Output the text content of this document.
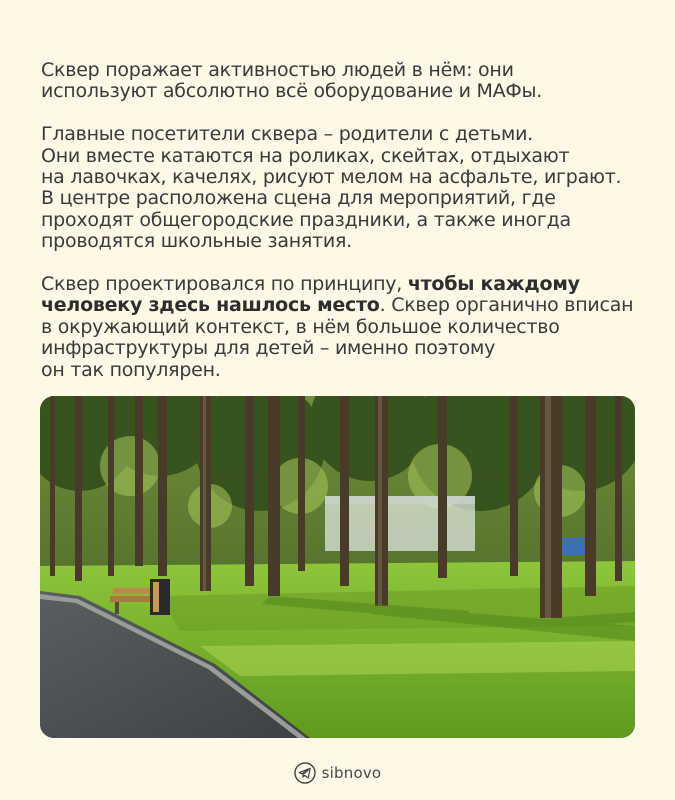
Сквер поражает активностью людей в нём: они
используют абсолютно всё оборудование и МАФы.

Главные посетители сквера – родители с детьми.
Они вместе катаются на роликах, скейтах, отдыхают
на лавочках, качелях, рисуют мелом на асфальте, играют.
В центре расположена сцена для мероприятий, где
проходят общегородские праздники, а также иногда
проводятся школьные занятия.

Сквер проектировался по принципу, чтобы каждому
человеку здесь нашлось место. Сквер органично вписан
в окружающий контекст, в нём большое количество
инфраструктуры для детей – именно поэтому
он так популярен.

sibnovo
